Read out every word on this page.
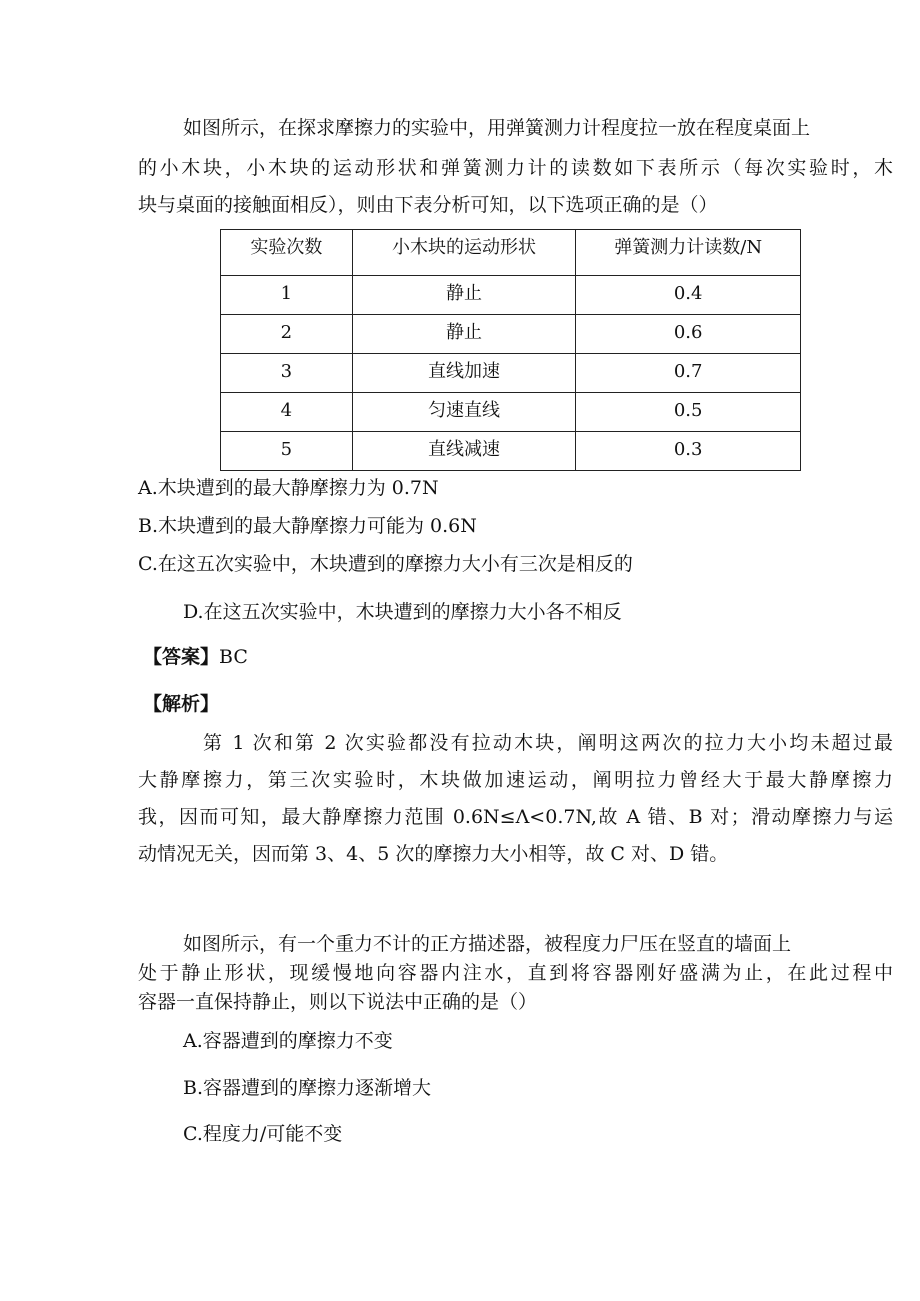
如图所示，在探求摩擦力的实验中，用弹簧测力计程度拉一放在程度桌面上
的小木块，小木块的运动形状和弹簧测力计的读数如下表所示（每次实验时，木
块与桌面的接触面相反），则由下表分析可知，以下选项正确的是（）
实验次数	小木块的运动形状	弹簧测力计读数/N
1	静止	0.4
2	静止	0.6
3	直线加速	0.7
4	匀速直线	0.5
5	直线减速	0.3
A.木块遭到的最大静摩擦力为 0.7N
B.木块遭到的最大静摩擦力可能为 0.6N
C.在这五次实验中，木块遭到的摩擦力大小有三次是相反的
D.在这五次实验中，木块遭到的摩擦力大小各不相反
【答案】BC
【解析】
第 1 次和第 2 次实验都没有拉动木块，阐明这两次的拉力大小均未超过最
大静摩擦力，第三次实验时，木块做加速运动，阐明拉力曾经大于最大静摩擦力
我，因而可知，最大静摩擦力范围 0.6N≤Λ<0.7N,故 A 错、B 对；滑动摩擦力与运
动情况无关，因而第 3、4、5 次的摩擦力大小相等，故 C 对、D 错。
如图所示，有一个重力不计的正方描述器，被程度力尸压在竖直的墙面上
处于静止形状，现缓慢地向容器内注水，直到将容器刚好盛满为止，在此过程中
容器一直保持静止，则以下说法中正确的是（）
A.容器遭到的摩擦力不变
B.容器遭到的摩擦力逐渐增大
C.程度力/可能不变
